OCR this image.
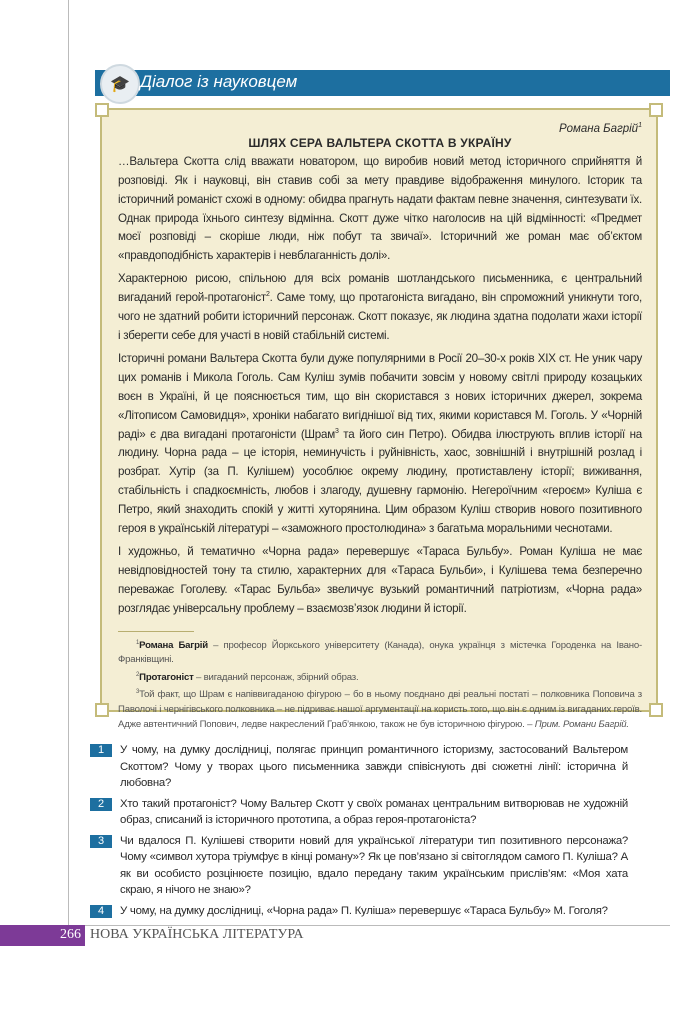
🎓 Діалог із науковцем
Романа Багрій$^1$
ШЛЯХ СЕРА ВАЛЬТЕРА СКОТТА В УКРАЇНУ

…Вальтера Скотта слід вважати новатором, що виробив новий метод історичного сприйняття й розповіді. Як і науковці, він ставив собі за мету правдиве відображення минулого. Історик та історичний романіст схожі в одному: обидва прагнуть надати фактам певне значення, синтезувати їх. Однак природа їхнього синтезу відмінна. Скотт дуже чітко наголосив на цій відмінності: «Предмет моєї розповіді – скоріше люди, ніж побут та звичаї». Історичний же роман має об’єктом «правдоподібність характерів і невблаганність долі».

Характерною рисою, спільною для всіх романів шотландського письменника, є центральний вигаданий герой-протагоніст$^2$. Саме тому, що протагоніста вигадано, він спроможний уникнути того, чого не здатний робити історичний персонаж. Скотт показує, як людина здатна подолати жахи історії і зберегти себе для участі в новій стабільній системі.

Історичні романи Вальтера Скотта були дуже популярними в Росії 20–30-х років XIX ст. Не уник чару цих романів і Микола Гоголь. Сам Куліш зумів побачити зовсім у новому світлі природу козацьких воєн в Україні, й це пояснюється тим, що він скористався з нових історичних джерел, зокрема «Літописом Самовидця», хроніки набагато вигіднішої від тих, якими користався М. Гоголь. У «Чорній раді» є два вигадані протагоністи (Шрам$^3$ та його син Петро). Обидва ілюструють вплив історії на людину. Чорна рада – це історія, неминучість і руйнівність, хаос, зовнішній і внутрішній розлад і розбрат. Хутір (за П. Кулішем) уособлює окрему людину, протиставлену історії; виживання, стабільність і спадкоємність, любов і злагоду, душевну гармонію. Негероїчним «героєм» Куліша є Петро, який знаходить спокій у житті хуторянина. Цим образом Куліш створив нового позитивного героя в українській літературі – «заможного простолюдина» з багатьма моральними чеснотами.

І художньо, й тематично «Чорна рада» перевершує «Тараса Бульбу». Роман Куліша не має невідповідностей тону та стилю, характерних для «Тараса Бульби», і Кулішева тема безперечно переважає Гоголеву. «Тарас Бульба» звеличує вузький романтичний патріотизм, «Чорна рада» розглядає універсальну проблему – взаємозв’язок людини й історії.

$^1$Романа Багрій – професор Йоркського університету (Канада), онука українця з містечка Городенка на Івано-Франківщині.

$^2$Протагоніст – вигаданий персонаж, збірний образ.

$^3$Той факт, що Шрам є напіввигаданою фігурою – бо в ньому поєднано дві реальні постаті – полковника Поповича з Паволочі і чернігівського полковника – не підриває нашої аргументації на користь того, що він є одним із вигаданих героїв. Адже автентичний Попович, ледве накреслений Граб’янкою, також не був історичною фігурою. – Прим. Романи Багрій.

1	У чому, на думку дослідниці, полягає принцип романтичного історизму, застосований Вальтером Скоттом? Чому у творах цього письменника завжди співіснують дві сюжетні лінії: історична й любовна?
2	Хто такий протагоніст? Чому Вальтер Скотт у своїх романах центральним витворював не художній образ, списаний із історичного прототипа, а образ героя-протагоніста?
3	Чи вдалося П. Кулішеві створити новий для української літератури тип позитивного персонажа? Чому «символ хутора тріумфує в кінці роману»? Як це пов’язано зі світоглядом самого П. Куліша? А як ви особисто розцінюєте позицію, вдало передану таким українським прислів’ям: «Моя хата скраю, я нічого не знаю»?
4	У чому, на думку дослідниці, «Чорна рада» П. Куліша» перевершує «Тараса Бульбу» М. Гоголя?
266 НОВА УКРАЇНСЬКА ЛІТЕРАТУРА
